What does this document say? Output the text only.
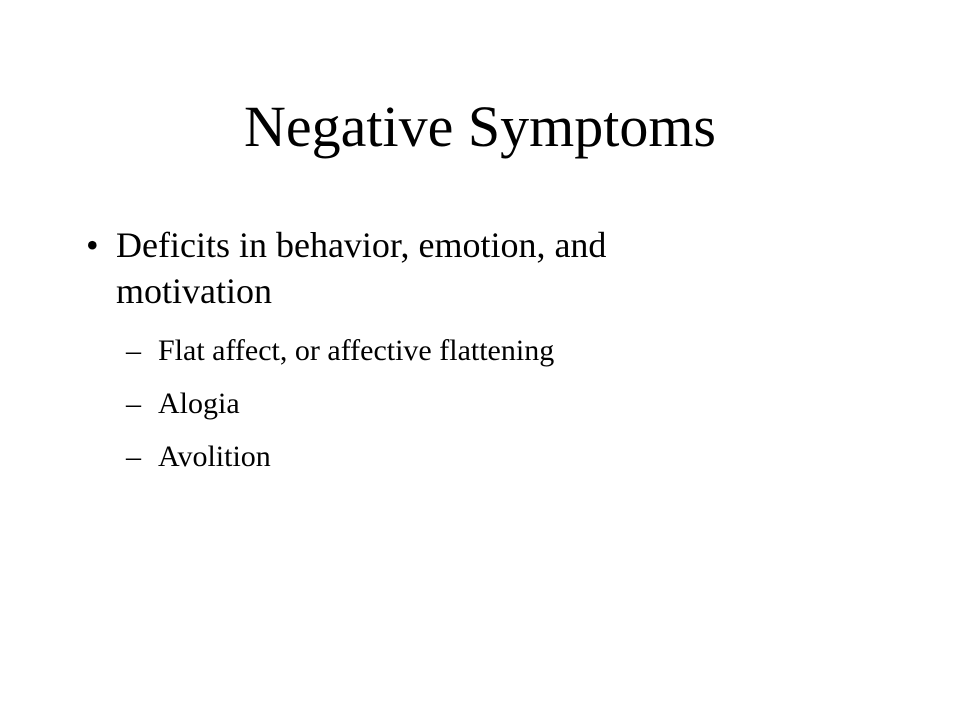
Negative Symptoms
• Deficits in behavior, emotion, and motivation
– Flat affect, or affective flattening
– Alogia
– Avolition
